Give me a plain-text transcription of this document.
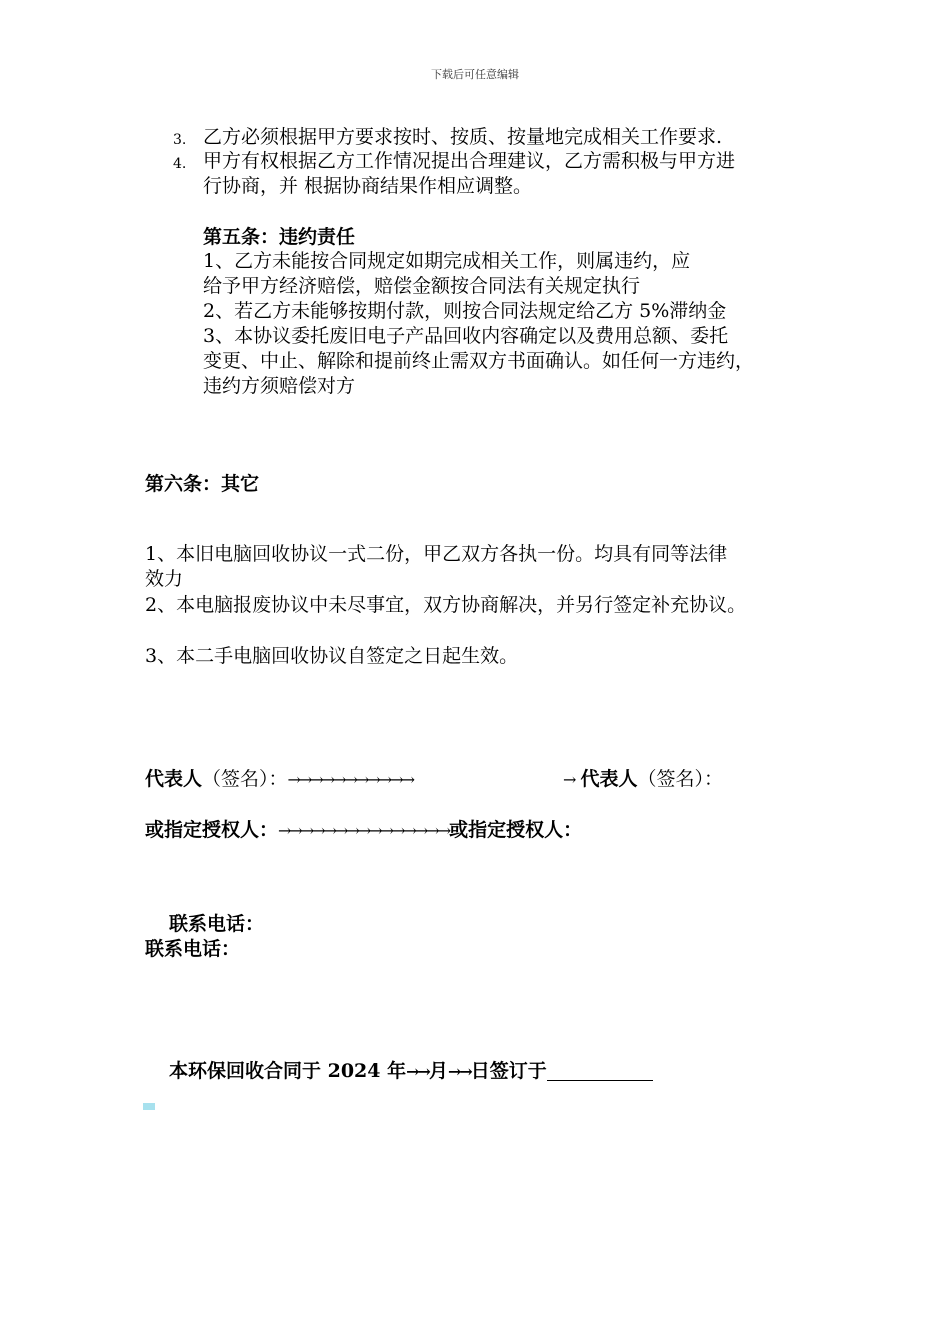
下载后可任意编辑
3. 乙方必须根据甲方要求按时、按质、按量地完成相关工作要求.
4. 甲方有权根据乙方工作情况提出合理建议，乙方需积极与甲方进
行协商，并 根据协商结果作相应调整。
第五条：违约责任
1、乙方未能按合同规定如期完成相关工作，则属违约，应
给予甲方经济赔偿，赔偿金额按合同法有关规定执行
2、若乙方未能够按期付款，则按合同法规定给乙方 5%滞纳金
3、本协议委托废旧电子产品回收内容确定以及费用总额、委托
变更、中止、解除和提前终止需双方书面确认。如任何一方违约，
违约方须赔偿对方
第六条：其它
1、本旧电脑回收协议一式二份，甲乙双方各执一份。均具有同等法律
效力
2、本电脑报废协议中未尽事宜，双方协商解决，并另行签定补充协议。
3、本二手电脑回收协议自签定之日起生效。
代表人（签名）：→→→→→→→→→→→	→ 代表人（签名）：
或指定授权人：→→→→→→→→→→→→→→→或指定授权人：
联系电话：
联系电话：
本环保回收合同于 2024 年→→月→→日签订于
